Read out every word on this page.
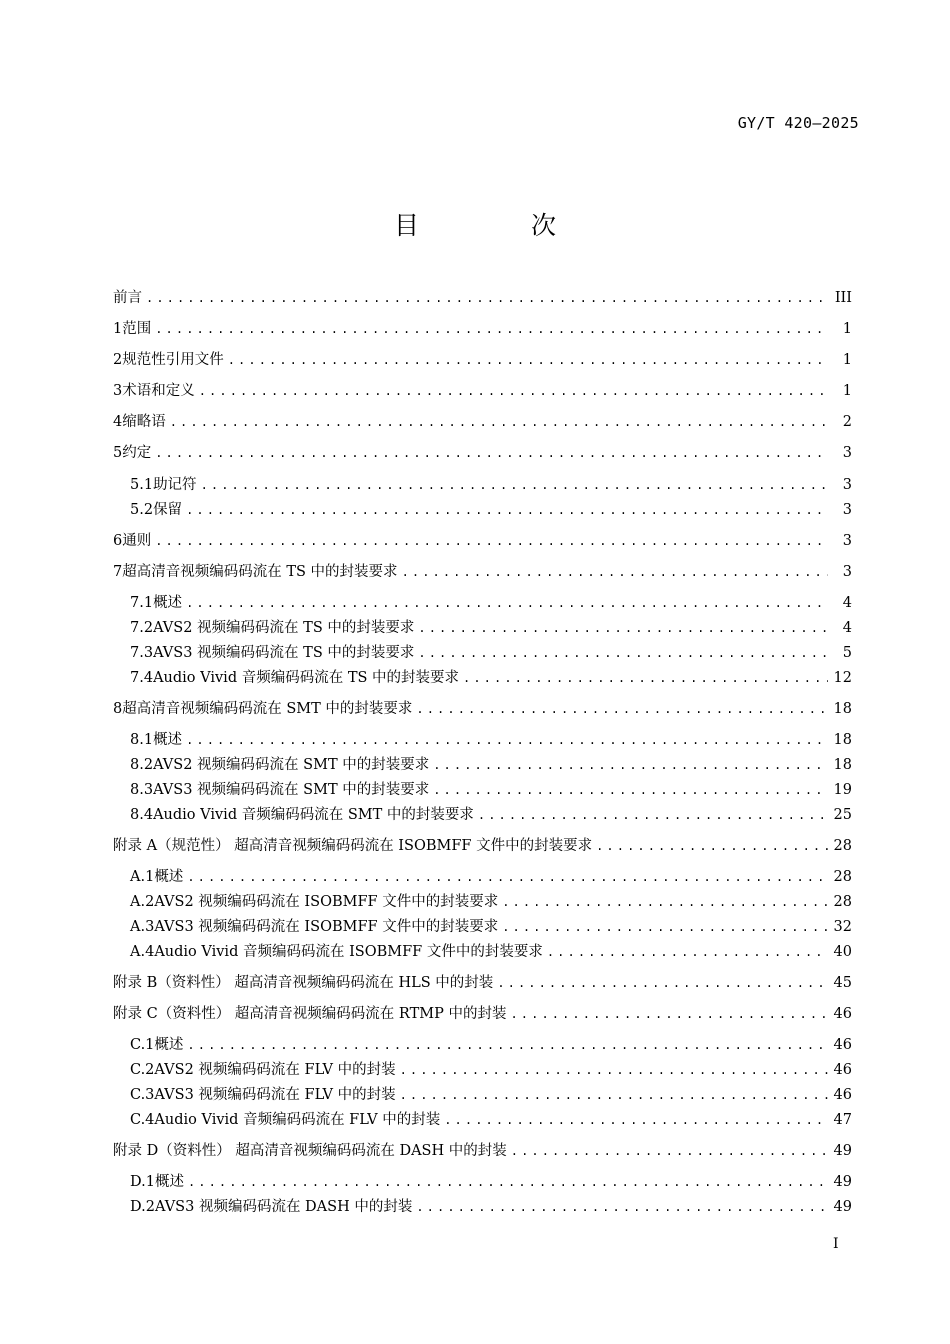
GY/T 420—2025
目 次
前言 .....	III
1 范围 .....	1
2 规范性引用文件 .....	1
3 术语和定义 .....	1
4 缩略语 .....	2
5 约定 .....	3
5.1 助记符 .....	3
5.2 保留 .....	3
6 通则 .....	3
7 超高清音视频编码码流在 TS 中的封装要求 .....	3
7.1 概述 .....	4
7.2 AVS2 视频编码码流在 TS 中的封装要求 .....	4
7.3 AVS3 视频编码码流在 TS 中的封装要求 .....	5
7.4 Audio Vivid 音频编码码流在 TS 中的封装要求 .....	12
8 超高清音视频编码码流在 SMT 中的封装要求 .....	18
8.1 概述 .....	18
8.2 AVS2 视频编码码流在 SMT 中的封装要求 .....	18
8.3 AVS3 视频编码码流在 SMT 中的封装要求 .....	19
8.4 Audio Vivid 音频编码码流在 SMT 中的封装要求 .....	25
附录 A（规范性） 超高清音视频编码码流在 ISOBMFF 文件中的封装要求 .....	28
A.1 概述 .....	28
A.2 AVS2 视频编码码流在 ISOBMFF 文件中的封装要求 .....	28
A.3 AVS3 视频编码码流在 ISOBMFF 文件中的封装要求 .....	32
A.4 Audio Vivid 音频编码码流在 ISOBMFF 文件中的封装要求 .....	40
附录 B（资料性） 超高清音视频编码码流在 HLS 中的封装 .....	45
附录 C（资料性） 超高清音视频编码码流在 RTMP 中的封装 .....	46
C.1 概述 .....	46
C.2 AVS2 视频编码码流在 FLV 中的封装 .....	46
C.3 AVS3 视频编码码流在 FLV 中的封装 .....	46
C.4 Audio Vivid 音频编码码流在 FLV 中的封装 .....	47
附录 D（资料性） 超高清音视频编码码流在 DASH 中的封装 .....	49
D.1 概述 .....	49
D.2 AVS3 视频编码码流在 DASH 中的封装 .....	49
I
